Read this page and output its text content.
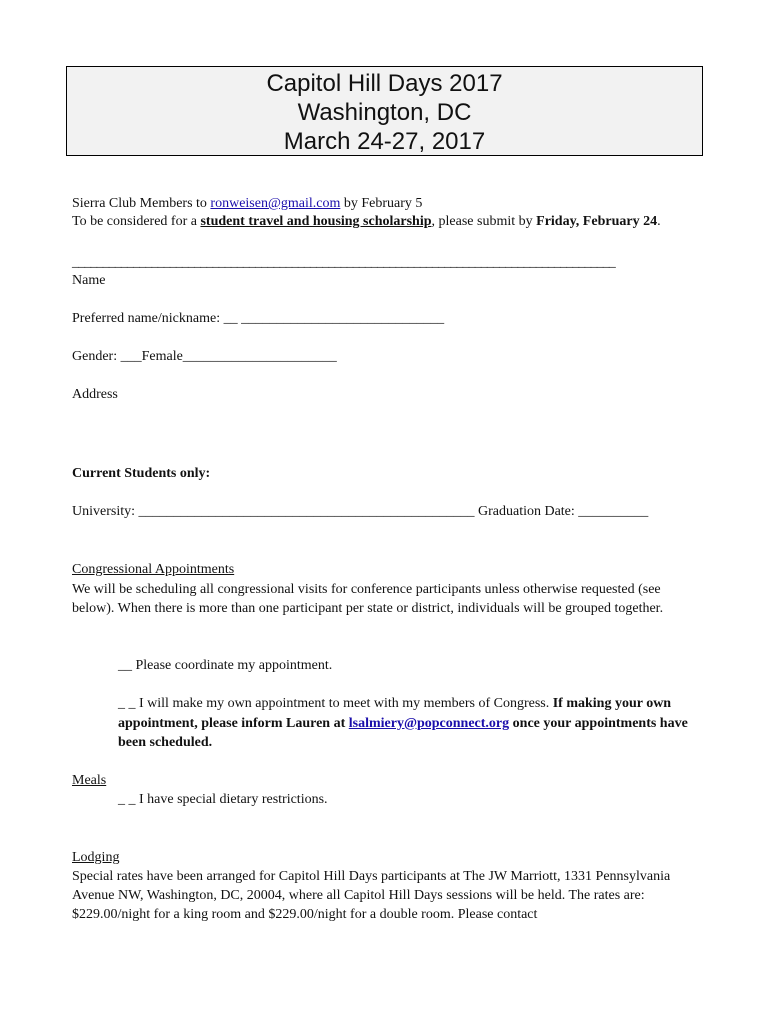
Capitol Hill Days 2017
Washington, DC
March 24-27, 2017
Sierra Club Members to ronweisen@gmail.com by February 5
To be considered for a student travel and housing scholarship, please submit by Friday, February 24.
_________________________________________________________________________________________
Name
Preferred name/nickname: __ _____________________________
Gender: ___Female______________________
Address
Current Students only:
University: ________________________________________________ Graduation Date: __________
Congressional Appointments
We will be scheduling all congressional visits for conference participants unless otherwise requested (see below). When there is more than one participant per state or district, individuals will be grouped together.
__ Please coordinate my appointment.
_ _ I will make my own appointment to meet with my members of Congress. If making your own appointment, please inform Lauren at lsalmiery@popconnect.org once your appointments have been scheduled.
Meals
_ _ I have special dietary restrictions.
Lodging
Special rates have been arranged for Capitol Hill Days participants at The JW Marriott, 1331 Pennsylvania Avenue NW, Washington, DC, 20004, where all Capitol Hill Days sessions will be held. The rates are: $229.00/night for a king room and $229.00/night for a double room. Please contact
